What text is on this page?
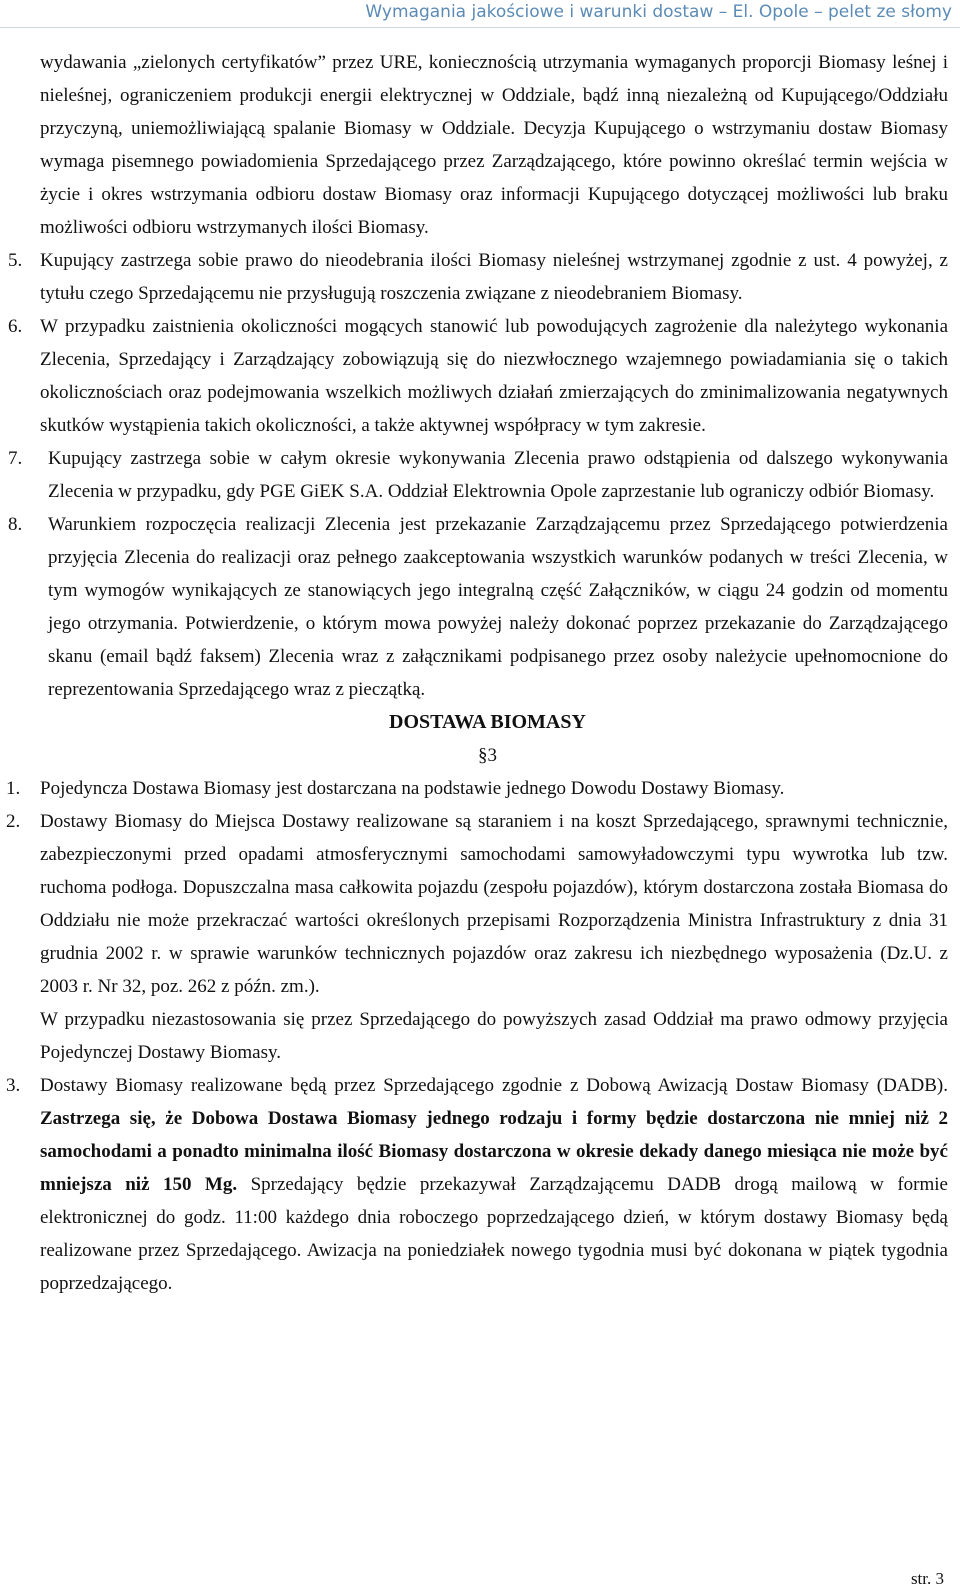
Wymagania jakościowe i warunki dostaw – El. Opole – pelet ze słomy
wydawania „zielonych certyfikatów” przez URE, koniecznością utrzymania wymaganych proporcji Biomasy leśnej i nieleśnej, ograniczeniem produkcji energii elektrycznej w Oddziale, bądź inną niezależną od Kupującego/Oddziału przyczyną, uniemożliwiającą spalanie Biomasy w Oddziale. Decyzja Kupującego o wstrzymaniu dostaw Biomasy wymaga pisemnego powiadomienia Sprzedającego przez Zarządzającego, które powinno określać termin wejścia w życie i okres wstrzymania odbioru dostaw Biomasy oraz informacji Kupującego dotyczącej możliwości lub braku możliwości odbioru wstrzymanych ilości Biomasy.
5. Kupujący zastrzega sobie prawo do nieodebrania ilości Biomasy nieleśnej wstrzymanej zgodnie z ust. 4 powyżej, z tytułu czego Sprzedającemu nie przysługują roszczenia związane z nieodebraniem Biomasy.
6. W przypadku zaistnienia okoliczności mogących stanowić lub powodujących zagrożenie dla należytego wykonania Zlecenia, Sprzedający i Zarządzający zobowiązują się do niezwłocznego wzajemnego powiadamiania się o takich okolicznościach oraz podejmowania wszelkich możliwych działań zmierzających do zminimalizowania negatywnych skutków wystąpienia takich okoliczności, a także aktywnej współpracy w tym zakresie.
7.	Kupujący zastrzega sobie w całym okresie wykonywania Zlecenia prawo odstąpienia od dalszego wykonywania Zlecenia w przypadku, gdy PGE GiEK S.A. Oddział Elektrownia Opole zaprzestanie lub ograniczy odbiór Biomasy.
8.	Warunkiem rozpoczęcia realizacji Zlecenia jest przekazanie Zarządzającemu przez Sprzedającego potwierdzenia przyjęcia Zlecenia do realizacji oraz pełnego zaakceptowania wszystkich warunków podanych w treści Zlecenia, w tym wymogów wynikających ze stanowiących jego integralną część Załączników, w ciągu 24 godzin od momentu jego otrzymania. Potwierdzenie, o którym mowa powyżej należy dokonać poprzez przekazanie do Zarządzającego skanu (email bądź faksem) Zlecenia wraz z załącznikami podpisanego przez osoby należycie upełnomocnione do reprezentowania Sprzedającego wraz z pieczątką.
DOSTAWA BIOMASY
§3
1.	Pojedyncza Dostawa Biomasy jest dostarczana na podstawie jednego Dowodu Dostawy Biomasy.
2.	Dostawy Biomasy do Miejsca Dostawy realizowane są staraniem i na koszt Sprzedającego, sprawnymi technicznie, zabezpieczonymi przed opadami atmosferycznymi samochodami samowyładowczymi typu wywrotka lub tzw. ruchoma podłoga. Dopuszczalna masa całkowita pojazdu (zespołu pojazdów), którym dostarczona została Biomasa do Oddziału nie może przekraczać wartości określonych przepisami Rozporządzenia Ministra Infrastruktury z dnia 31 grudnia 2002 r. w sprawie warunków technicznych pojazdów oraz zakresu ich niezbędnego wyposażenia (Dz.U. z 2003 r. Nr 32, poz. 262 z późn. zm.).
W przypadku niezastosowania się przez Sprzedającego do powyższych zasad Oddział ma prawo odmowy przyjęcia Pojedynczej Dostawy Biomasy.
3.	Dostawy Biomasy realizowane będą przez Sprzedającego zgodnie z Dobową Awizacją Dostaw Biomasy (DADB). Zastrzega się, że Dobowa Dostawa Biomasy jednego rodzaju i formy będzie dostarczona nie mniej niż 2 samochodami a ponadto minimalna ilość Biomasy dostarczona w okresie dekady danego miesiąca nie może być mniejsza niż 150 Mg. Sprzedający będzie przekazywał Zarządzającemu DADB drogą mailową w formie elektronicznej do godz. 11:00 każdego dnia roboczego poprzedzającego dzień, w którym dostawy Biomasy będą realizowane przez Sprzedającego. Awizacja na poniedziałek nowego tygodnia musi być dokonana w piątek tygodnia poprzedzającego.
str. 3
